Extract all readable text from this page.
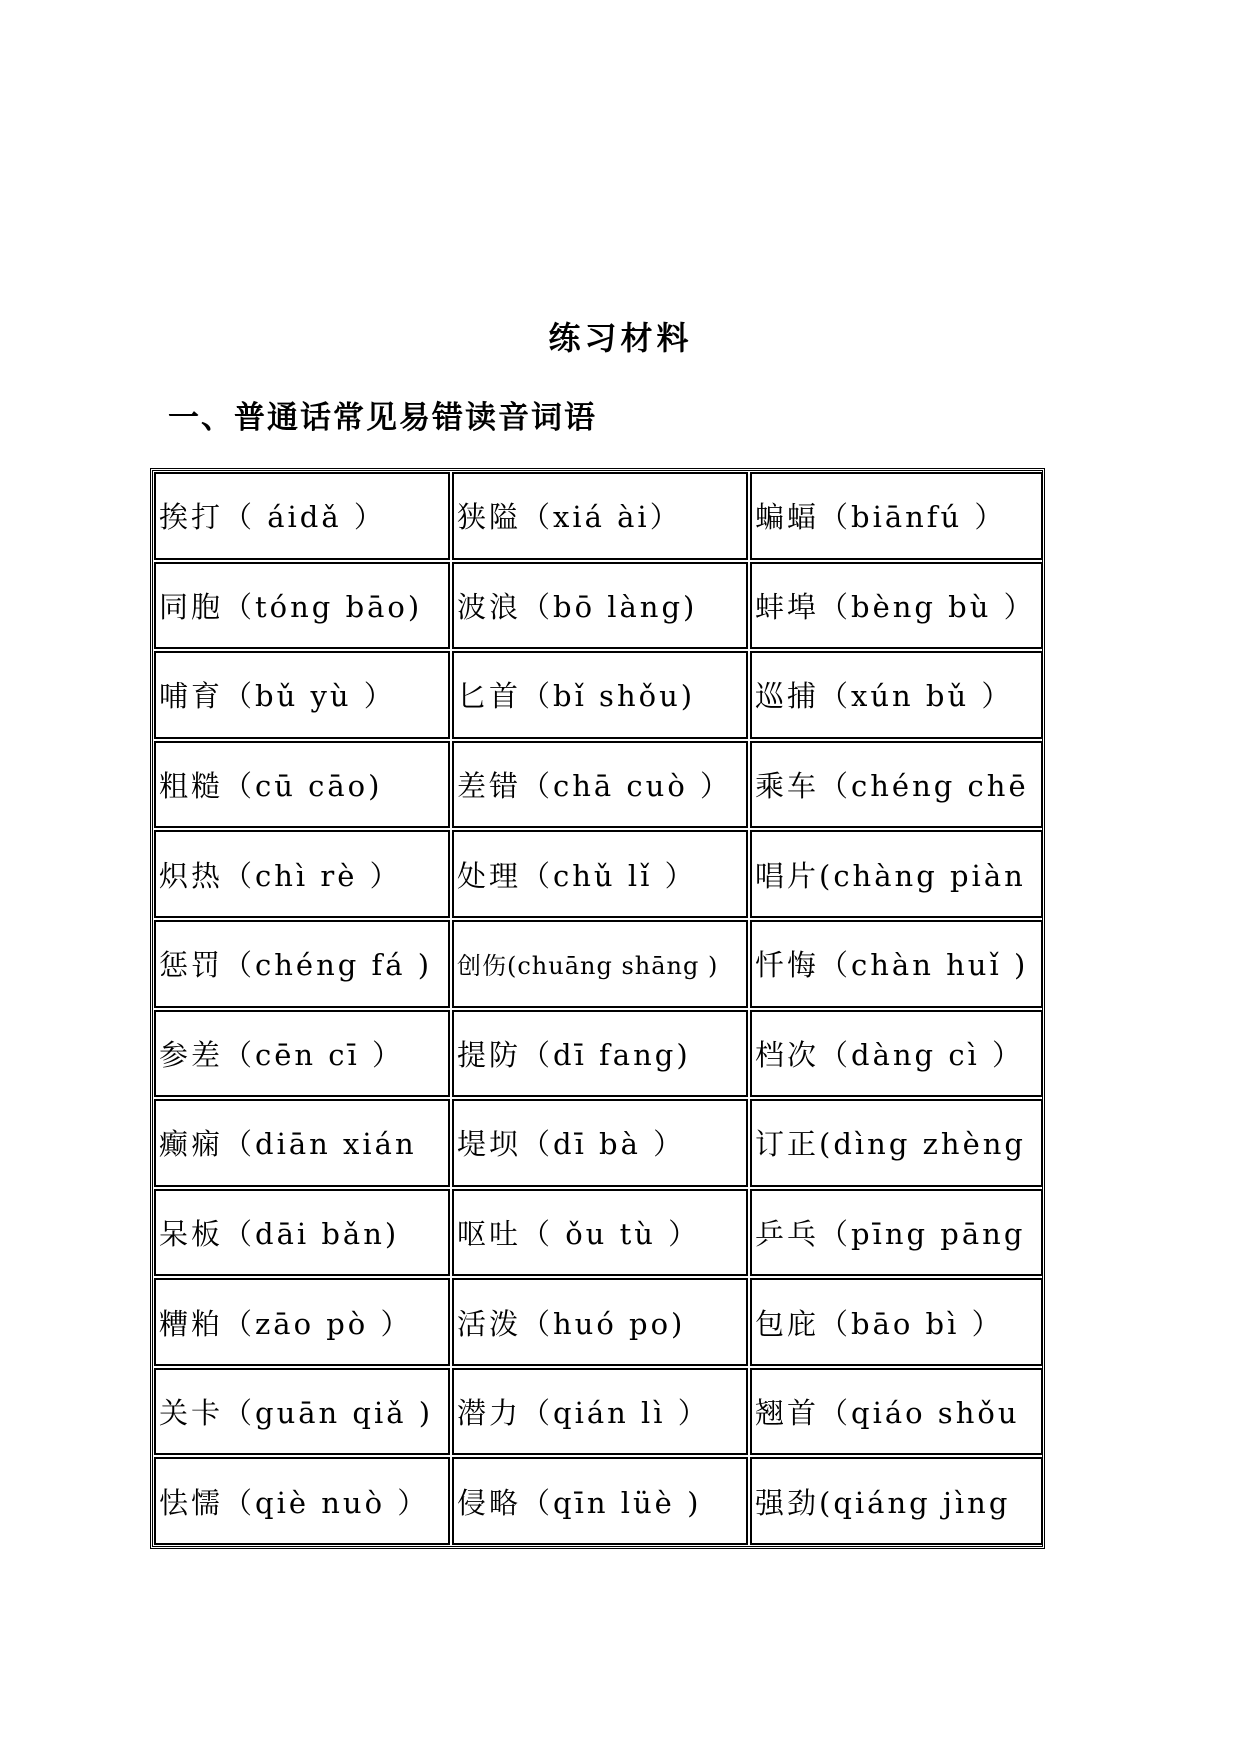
练习材料
一、普通话常见易错读音词语
挨打（ áidǎ ） 狭隘（xiá ài）	蝙蝠（biānfú ）
同胞（tóng bāo) 波浪（bō làng) 蚌埠（bèng bù ）
哺育（bǔ yù ） 匕首（bǐ shǒu) 巡捕（xún bǔ ）
粗糙（cū cāo)	差错（chā cuò ） 乘车（chéng chē
炽热（chì rè ） 处理（chǔ lǐ ） 唱片(chàng piàn
惩罚（chéng fá ) 创伤(chuāng shāng ) 忏悔（chàn huǐ )
参差（cēn cī ） 提防（dī fang) 档次（dàng cì ）
癫痫（diān xián 堤坝（dī bà ） 订正(dìng zhèng
呆板（dāi bǎn) 呕吐（ ǒu tù ） 乒乓（pīng pāng
糟粕（zāo pò ） 活泼（huó po) 包庇（bāo bì ）
关卡（guān qiǎ ) 潜力（qián lì ） 翘首（qiáo shǒu
怯懦（qiè nuò ） 侵略（qīn lüè ) 强劲(qiáng jìng
